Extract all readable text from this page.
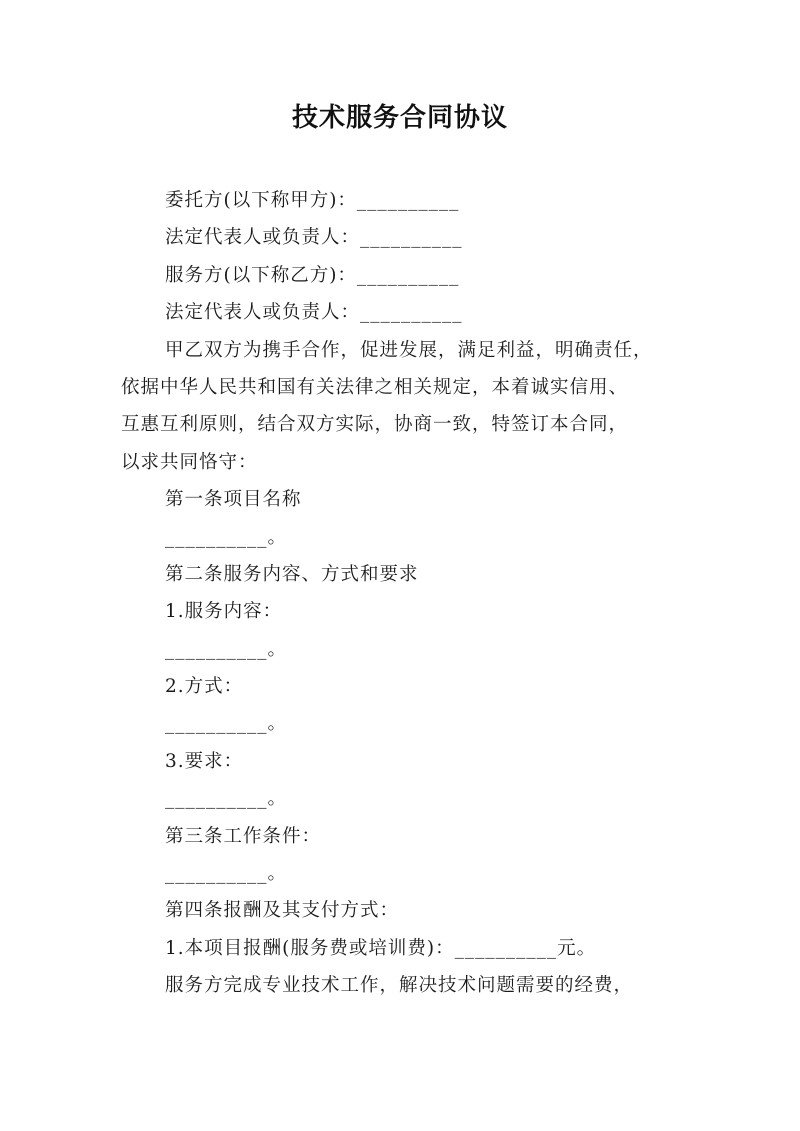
技术服务合同协议
委托方(以下称甲方)：__________
法定代表人或负责人：__________
服务方(以下称乙方)：__________
法定代表人或负责人：__________
甲乙双方为携手合作，促进发展，满足利益，明确责任，
依据中华人民共和国有关法律之相关规定，本着诚实信用、
互惠互利原则，结合双方实际，协商一致，特签订本合同，
以求共同恪守：
第一条项目名称
__________。
第二条服务内容、方式和要求
1.服务内容：
__________。
2.方式：
__________。
3.要求：
__________。
第三条工作条件：
__________。
第四条报酬及其支付方式：
1.本项目报酬(服务费或培训费)：__________元。
服务方完成专业技术工作，解决技术问题需要的经费，
